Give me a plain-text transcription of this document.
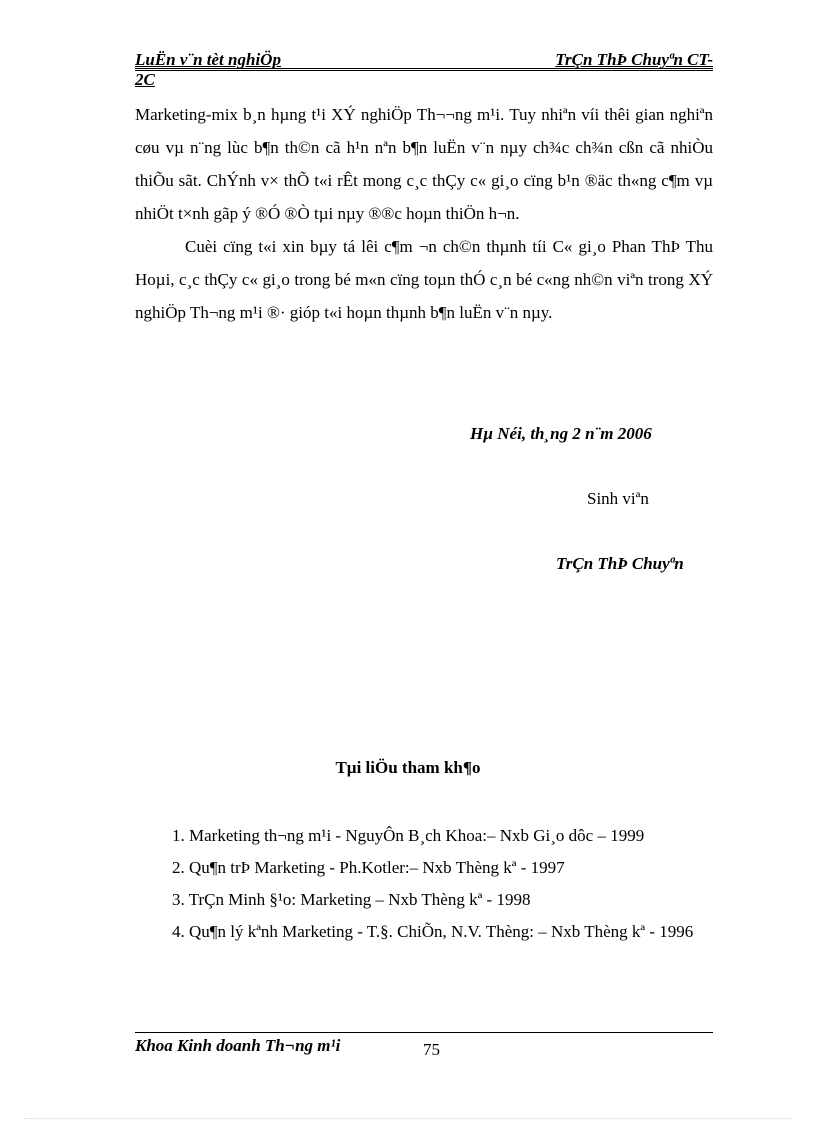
LuËn v¨n tèt nghiÖp	TrÇn ThÞ Chuyªn CT-
2C

Marketing-mix b¸n hµng t¹i XÝ nghiÖp Th¬¬ng m¹i. Tuy nhiªn víi thêi gian nghiªn cøu vµ n¨ng lùc b¶n th©n cã h¹n nªn b¶n luËn v¨n nµy ch¾c ch¾n cßn cã nhiÒu thiÕu sãt. ChÝnh v× thÕ t«i rÊt mong c¸c thÇy c« gi¸o cïng b¹n ®äc th«ng c¶m vµ nhiÖt t×nh gãp ý ®Ó ®Ò tµi nµy ®®c hoµn thiÖn h¬n.

Cuèi cïng t«i xin bµy tá lêi c¶m ¬n ch©n thµnh tíi C« gi¸o Phan ThÞ Thu Hoµi, c¸c thÇy c« gi¸o trong bé m«n cïng toµn thÓ c¸n bé c«ng nh©n viªn trong XÝ nghiÖp Th¬ng m¹i ®· gióp t«i hoµn thµnh b¶n luËn v¨n nµy.

Hµ Néi, th¸ng 2 n¨m 2006
Sinh viªn
TrÇn ThÞ Chuyªn
Tµi liÖu tham kh¶o
1. Marketing th¬ng m¹i - NguyÔn B¸ch Khoa:– Nxb Gi¸o dôc – 1999
2. Qu¶n trÞ Marketing - Ph.Kotler:– Nxb Thèng kª - 1997
3. TrÇn Minh §¹o: Marketing – Nxb Thèng kª - 1998
4. Qu¶n lý kªnh Marketing - T.§. ChiÕn, N.V. Thèng: – Nxb Thèng kª - 1996
Khoa Kinh doanh Th¬ng m¹i	75
